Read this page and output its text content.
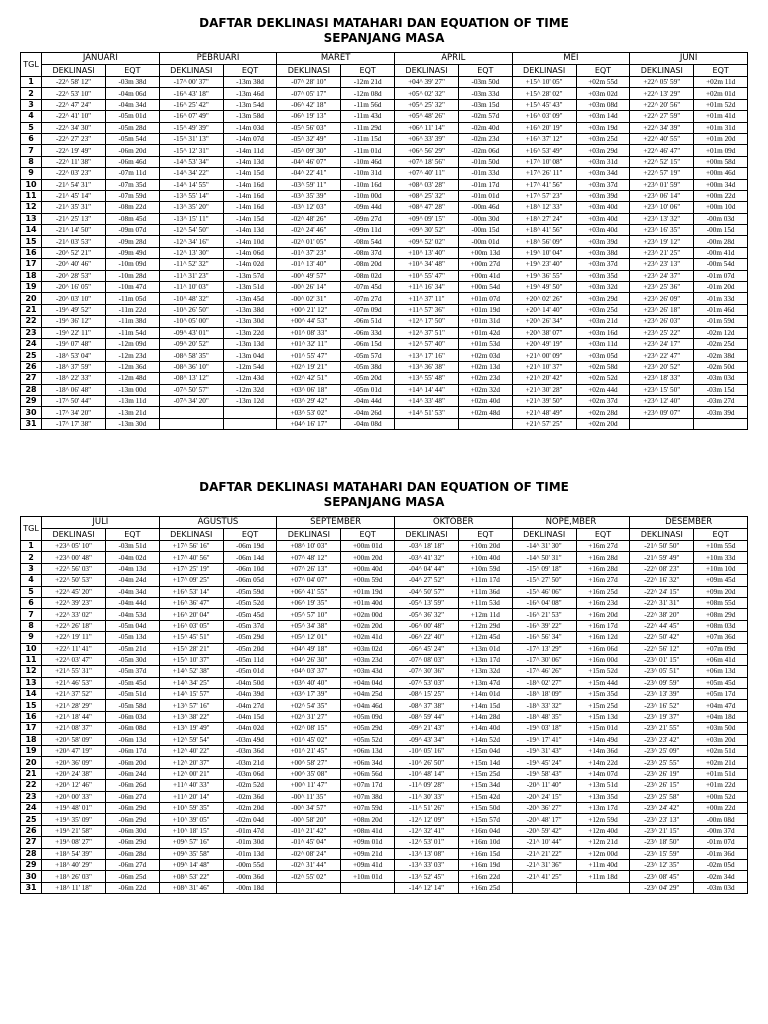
DAFTAR DEKLINASI MATAHARI DAN EQUATION OF TIME
SEPANJANG MASA
TGL	JANUARI		PEBRUARI		MARET		APRIL		MEI		JUNI	
	DEKLINASI	EQT	DEKLINASI	EQT	DEKLINASI	EQT	DEKLINASI	EQT	DEKLINASI	EQT	DEKLINASI	EQT
1	-22^ 58' 12"	-03m 38d	-17^ 00' 37"	-13m 38d	-07^ 28' 10"	-12m 21d	+04^ 39' 27"	-03m 50d	+15^ 10' 05"	+02m 55d	+22^ 05' 59"	+02m 11d
2	-22^ 53' 10"	-04m 06d	-16^ 43' 18"	-13m 46d	-07^ 05' 17"	-12m 08d	+05^ 02' 32"	-03m 33d	+15^ 28' 02"	+03m 02d	+22^ 13' 29"	+02m 01d
3	-22^ 47' 24"	-04m 34d	-16^ 25' 42"	-13m 54d	-06^ 42' 18"	-11m 56d	+05^ 25' 32"	-03m 15d	+15^ 45' 43"	+03m 08d	+22^ 20' 56"	+01m 52d
4	-22^ 41' 10"	-05m 01d	-16^ 07' 49"	-13m 58d	-06^ 19' 13"	-11m 43d	+05^ 48' 26"	-02m 57d	+16^ 03' 09"	+03m 14d	+22^ 27' 59"	+01m 41d
5	-22^ 34' 30"	-05m 28d	-15^ 49' 39"	-14m 03d	-05^ 56' 03"	-11m 29d	+06^ 11' 14"	-02m 40d	+16^ 20' 19"	+03m 19d	+22^ 34' 39"	+01m 31d
6	-22^ 27' 23"	-05m 54d	-15^ 31' 13"	-14m 07d	-05^ 32' 49"	-11m 15d	+06^ 33' 39"	-02m 23d	+16^ 37' 12"	+03m 25d	+22^ 40' 55"	+01m 20d
7	-22^ 19' 49"	-06m 20d	-15^ 12' 31"	-14m 11d	-05^ 09' 30"	-11m 01d	+06^ 56' 29"	-02m 06d	+16^ 53' 49"	+03m 29d	+22^ 46' 47"	+01m 09d
8	-22^ 11' 38"	-06m 46d	-14^ 53' 34"	-14m 13d	-04^ 46' 07"	-10m 46d	+07^ 18' 56"	-01m 50d	+17^ 10' 08"	+03m 31d	+22^ 52' 15"	+00m 58d
9	-22^ 03' 23"	-07m 11d	-14^ 34' 22"	-14m 15d	-04^ 22' 41"	-10m 31d	+07^ 40' 11"	-01m 33d	+17^ 26' 11"	+03m 34d	+22^ 57' 19"	+00m 46d
10	-21^ 54' 31"	-07m 35d	-14^ 14' 55"	-14m 16d	-03^ 59' 11"	-10m 16d	+08^ 03' 28"	-01m 17d	+17^ 41' 56"	+03m 37d	+23^ 01' 59"	+00m 34d
11	-21^ 45' 14"	-07m 59d	-13^ 55' 14"	-14m 16d	-03^ 35' 39"	-10m 00d	+08^ 25' 32"	-01m 01d	+17^ 57' 23"	+03m 39d	+23^ 06' 14"	+00m 22d
12	-21^ 35' 31"	-08m 22d	-13^ 35' 20"	-14m 16d	-03^ 12' 03"	-09m 44d	+08^ 47' 28"	-00m 46d	+18^ 12' 33"	+03m 40d	+23^ 10' 06"	+00m 10d
13	-21^ 25' 13"	-08m 45d	-13^ 15' 11"	-14m 15d	-02^ 48' 26"	-09m 27d	+09^ 09' 15"	-00m 30d	+18^ 27' 24"	+03m 40d	+23^ 13' 32"	-00m 03d
14	-21^ 14' 50"	-09m 07d	-12^ 54' 50"	-14m 13d	-02^ 24' 46"	-09m 11d	+09^ 30' 52"	-00m 15d	+18^ 41' 56"	+03m 40d	+23^ 16' 35"	-00m 15d
15	-21^ 03' 53"	-09m 28d	-12^ 34' 16"	-14m 10d	-02^ 01' 05"	-08m 54d	+09^ 52' 02"	-00m 01d	+18^ 56' 09"	+03m 39d	+23^ 19' 12"	-00m 28d
16	-20^ 52' 21"	-09m 49d	-12^ 13' 30"	-14m 06d	-01^ 37' 23"	-08m 37d	+10^ 13' 40"	+00m 13d	+19^ 10' 04"	+03m 38d	+23^ 21' 25"	-00m 41d
17	-20^ 40' 46"	-10m 09d	-11^ 52' 32"	-14m 02d	-01^ 13' 40"	-08m 20d	+10^ 34' 48"	+00m 27d	+19^ 23' 40"	+03m 37d	+23^ 23' 13"	-00m 54d
18	-20^ 28' 53"	-10m 28d	-11^ 31' 23"	-13m 57d	-00^ 49' 57"	-08m 02d	+10^ 55' 47"	+00m 41d	+19^ 36' 55"	+03m 35d	+23^ 24' 37"	-01m 07d
19	-20^ 16' 05"	-10m 47d	-11^ 10' 03"	-13m 51d	-00^ 26' 14"	-07m 45d	+11^ 16' 34"	+00m 54d	+19^ 49' 50"	+03m 32d	+23^ 25' 36"	-01m 20d
20	-20^ 03' 10"	-11m 05d	-10^ 48' 32"	-13m 45d	-00^ 02' 31"	-07m 27d	+11^ 37' 11"	+01m 07d	+20^ 02' 26"	+03m 29d	+23^ 26' 09"	-01m 33d
21	-19^ 49' 52"	-11m 22d	-10^ 26' 50"	-13m 38d	+00^ 21' 12"	-07m 09d	+11^ 57' 36"	+01m 19d	+20^ 14' 40"	+03m 25d	+23^ 26' 18"	-01m 46d
22	-19^ 36' 12"	-11m 38d	-10^ 05' 00"	-13m 30d	+00^ 44' 53"	-06m 51d	+12^ 17' 50"	+01m 31d	+20^ 26' 34"	+03m 21d	+23^ 26' 03"	-01m 59d
23	-19^ 22' 11"	-11m 54d	-09^ 43' 01"	-13m 22d	+01^ 08' 33"	-06m 33d	+12^ 37' 51"	+01m 42d	+20^ 38' 07"	+03m 16d	+23^ 25' 22"	-02m 12d
24	-19^ 07' 48"	-12m 09d	-09^ 20' 52"	-13m 13d	+01^ 32' 11"	-06m 15d	+12^ 57' 40"	+01m 53d	+20^ 49' 19"	+03m 11d	+23^ 24' 17"	-02m 25d
25	-18^ 53' 04"	-12m 23d	-08^ 58' 35"	-13m 04d	+01^ 55' 47"	-05m 57d	+13^ 17' 16"	+02m 03d	+21^ 00' 09"	+03m 05d	+23^ 22' 47"	-02m 38d
26	-18^ 37' 59"	-12m 36d	-08^ 36' 10"	-12m 54d	+02^ 19' 21"	-05m 38d	+13^ 36' 38"	+02m 13d	+21^ 10' 37"	+02m 58d	+23^ 20' 52"	-02m 50d
27	-18^ 22' 33"	-12m 48d	-08^ 13' 12"	-12m 43d	+02^ 42' 51"	-05m 20d	+13^ 55' 48"	+02m 23d	+21^ 20' 42"	+02m 52d	+23^ 18' 33"	-03m 03d
28	-18^ 06' 48"	-13m 00d	-07^ 50' 57"	-12m 32d	+03^ 06' 18"	-05m 01d	+14^ 14' 44"	+02m 32d	+21^ 30' 28"	+02m 44d	+23^ 15' 50"	-03m 15d
29	-17^ 50' 44"	-13m 11d	-07^ 34' 20"	-13m 12d	+03^ 29' 42"	-04m 44d	+14^ 33' 48"	+02m 40d	+21^ 39' 50"	+02m 37d	+23^ 12' 40"	-03m 27d
30	-17^ 34' 20"	-13m 21d			+03^ 53' 02"	-04m 26d	+14^ 51' 53"	+02m 48d	+21^ 48' 49"	+02m 28d	+23^ 09' 07"	-03m 39d
31	-17^ 17' 38"	-13m 30d			+04^ 16' 17"	-04m 08d			+21^ 57' 25"	+02m 20d		
DAFTAR DEKLINASI MATAHARI DAN EQUATION OF TIME
SEPANJANG MASA
TGL	JULI		AGUSTUS		SEPTEMBER		OKTOBER		NOPE,MBER		DESEMBER	
	DEKLINASI	EQT	DEKLINASI	EQT	DEKLINASI	EQT	DEKLINASI	EQT	DEKLINASI	EQT	DEKLINASI	EQT
1	+23^ 05' 10"	-03m 51d	+17^ 56' 16"	-06m 19d	+08^ 10' 03"	+00m 01d	-03^ 18' 18"	+10m 20d	-14^ 31' 30"	+16m 27d	-21^ 50' 50"	+10m 55d
2	+23^ 00' 48"	-04m 02d	+17^ 40' 56"	-06m 14d	+07^ 48' 12"	+00m 20d	-03^ 41' 32"	+10m 40d	-14^ 50' 31"	+16m 28d	-21^ 59' 49"	+10m 33d
3	+22^ 56' 03"	-04m 13d	+17^ 25' 19"	-06m 10d	+07^ 26' 13"	+00m 40d	-04^ 04' 44"	+10m 59d	-15^ 09' 18"	+16m 28d	-22^ 08' 23"	+10m 10d
4	+22^ 50' 53"	-04m 24d	+17^ 09' 25"	-06m 05d	+07^ 04' 07"	+00m 59d	-04^ 27' 52"	+11m 17d	-15^ 27' 50"	+16m 27d	-22^ 16' 32"	+09m 45d
5	+22^ 45' 20"	-04m 34d	+16^ 53' 14"	-05m 59d	+06^ 41' 55"	+01m 19d	-04^ 50' 57"	+11m 36d	-15^ 46' 06"	+16m 25d	-22^ 24' 15"	+09m 20d
6	+22^ 39' 23"	-04m 44d	+16^ 36' 47"	-05m 52d	+06^ 19' 35"	+01m 40d	-05^ 13' 59"	+11m 53d	-16^ 04' 08"	+16m 23d	-22^ 31' 31"	+08m 55d
7	+22^ 33' 02"	-04m 53d	+16^ 20' 04"	-05m 45d	+05^ 57' 10"	+02m 00d	-05^ 36' 32"	+12m 11d	-16^ 21' 53"	+16m 20d	-22^ 38' 20"	+08m 29d
8	+22^ 26' 18"	-05m 04d	+16^ 03' 05"	-05m 37d	+05^ 34' 38"	+02m 20d	-06^ 00' 48"	+12m 29d	-16^ 39' 22"	+16m 17d	-22^ 44' 45"	+08m 03d
9	+22^ 19' 11"	-05m 13d	+15^ 45' 51"	-05m 29d	+05^ 12' 01"	+02m 41d	-06^ 22' 40"	+12m 45d	-16^ 56' 34"	+16m 12d	-22^ 50' 42"	+07m 36d
10	+22^ 11' 41"	-05m 21d	+15^ 28' 21"	-05m 20d	+04^ 49' 18"	+03m 02d	-06^ 45' 24"	+13m 01d	-17^ 13' 29"	+16m 06d	-22^ 56' 12"	+07m 09d
11	+22^ 03' 47"	-05m 30d	+15^ 10' 37"	-05m 11d	+04^ 26' 30"	+03m 23d	-07^ 08' 03"	+13m 17d	-17^ 30' 06"	+16m 00d	-23^ 01' 15"	+06m 41d
12	+21^ 55' 31"	-05m 37d	+14^ 52' 38"	-05m 01d	+04^ 03' 37"	+03m 43d	-07^ 30' 36"	+13m 32d	-17^ 46' 26"	+15m 52d	-23^ 05' 51"	+06m 13d
13	+21^ 46' 53"	-05m 45d	+14^ 34' 25"	-04m 50d	+03^ 40' 40"	+04m 04d	-07^ 53' 03"	+13m 47d	-18^ 02' 27"	+15m 44d	-23^ 09' 59"	+05m 45d
14	+21^ 37' 52"	-05m 51d	+14^ 15' 57"	-04m 39d	+03^ 17' 39"	+04m 25d	-08^ 15' 25"	+14m 01d	-18^ 18' 09"	+15m 35d	-23^ 13' 39"	+05m 17d
15	+21^ 28' 29"	-05m 58d	+13^ 57' 16"	-04m 27d	+02^ 54' 35"	+04m 46d	-08^ 37' 38"	+14m 15d	-18^ 33' 32"	+15m 25d	-23^ 16' 52"	+04m 47d
16	+21^ 18' 44"	-06m 03d	+13^ 38' 22"	-04m 15d	+02^ 31' 27"	+05m 09d	-08^ 59' 44"	+14m 28d	-18^ 48' 35"	+15m 13d	-23^ 19' 37"	+04m 18d
17	+21^ 08' 37"	-06m 08d	+13^ 19' 49"	-04m 02d	+02^ 08' 15"	+05m 29d	-09^ 21' 43"	+14m 40d	-19^ 03' 18"	+15m 01d	-23^ 21' 55"	+03m 50d
18	+20^ 58' 09"	-06m 13d	+12^ 59' 54"	-03m 49d	+01^ 45' 02"	+05m 52d	-09^ 43' 34"	+14m 52d	-19^ 17' 41"	+14m 49d	-23^ 23' 42"	+03m 20d
19	+20^ 47' 19"	-06m 17d	+12^ 40' 22"	-03m 36d	+01^ 21' 45"	+06m 13d	-10^ 05' 16"	+15m 04d	-19^ 31' 43"	+14m 36d	-23^ 25' 09"	+02m 51d
20	+20^ 36' 09"	-06m 20d	+12^ 20' 37"	-03m 21d	+00^ 58' 27"	+06m 34d	-10^ 26' 50"	+15m 14d	-19^ 45' 24"	+14m 22d	-23^ 25' 55"	+02m 21d
21	+20^ 24' 38"	-06m 24d	+12^ 00' 21"	-03m 06d	+00^ 35' 08"	+06m 56d	-10^ 48' 14"	+15m 25d	-19^ 58' 43"	+14m 07d	-23^ 26' 19"	+01m 51d
22	+20^ 12' 46"	-06m 26d	+11^ 40' 33"	-02m 52d	+00^ 11' 47"	+07m 17d	-11^ 09' 28"	+15m 34d	-20^ 11' 40"	+13m 51d	-23^ 26' 15"	+01m 22d
23	+20^ 00' 33"	-06m 27d	+11^ 20' 14"	-02m 36d	-00^ 11' 35"	+07m 38d	-11^ 30' 33"	+15m 42d	-20^ 24' 15"	+13m 35d	-23^ 25' 58"	+00m 52d
24	+19^ 48' 01"	-06m 29d	+10^ 59' 35"	-02m 20d	-00^ 34' 57"	+07m 59d	-11^ 51' 26"	+15m 50d	-20^ 36' 27"	+13m 17d	-23^ 24' 42"	+00m 22d
25	+19^ 35' 09"	-06m 29d	+10^ 39' 05"	-02m 04d	-00^ 58' 20"	+08m 20d	-12^ 12' 09"	+15m 57d	-20^ 48' 17"	+12m 59d	-23^ 23' 13"	-00m 08d
26	+19^ 21' 58"	-06m 30d	+10^ 18' 15"	-01m 47d	-01^ 21' 42"	+08m 41d	-12^ 32' 41"	+16m 04d	-20^ 59' 42"	+12m 40d	-23^ 21' 15"	-00m 37d
27	+19^ 08' 27"	-06m 29d	+09^ 57' 16"	-01m 30d	-01^ 45' 04"	+09m 01d	-12^ 53' 01"	+16m 10d	-21^ 10' 44"	+12m 21d	-23^ 18' 50"	-01m 07d
28	+18^ 54' 39"	-06m 28d	+09^ 35' 58"	-01m 13d	-02^ 08' 24"	+09m 21d	-13^ 13' 08"	+16m 15d	-21^ 21' 22"	+12m 00d	-23^ 15' 59"	-01m 36d
29	+18^ 40' 29"	-06m 27d	+09^ 14' 48"	-00m 55d	-02^ 31' 44"	+09m 41d	-13^ 33' 03"	+16m 19d	-21^ 31' 36"	+11m 40d	-23^ 12' 35"	-02m 05d
30	+18^ 26' 03"	-06m 25d	+08^ 53' 22"	-00m 36d	-02^ 55' 02"	+10m 01d	-13^ 52' 45"	+16m 22d	-21^ 41' 25"	+11m 18d	-23^ 08' 45"	-02m 34d
31	+18^ 11' 18"	-06m 22d	+08^ 31' 46"	-00m 18d			-14^ 12' 14"	+16m 25d			-23^ 04' 29"	-03m 03d
